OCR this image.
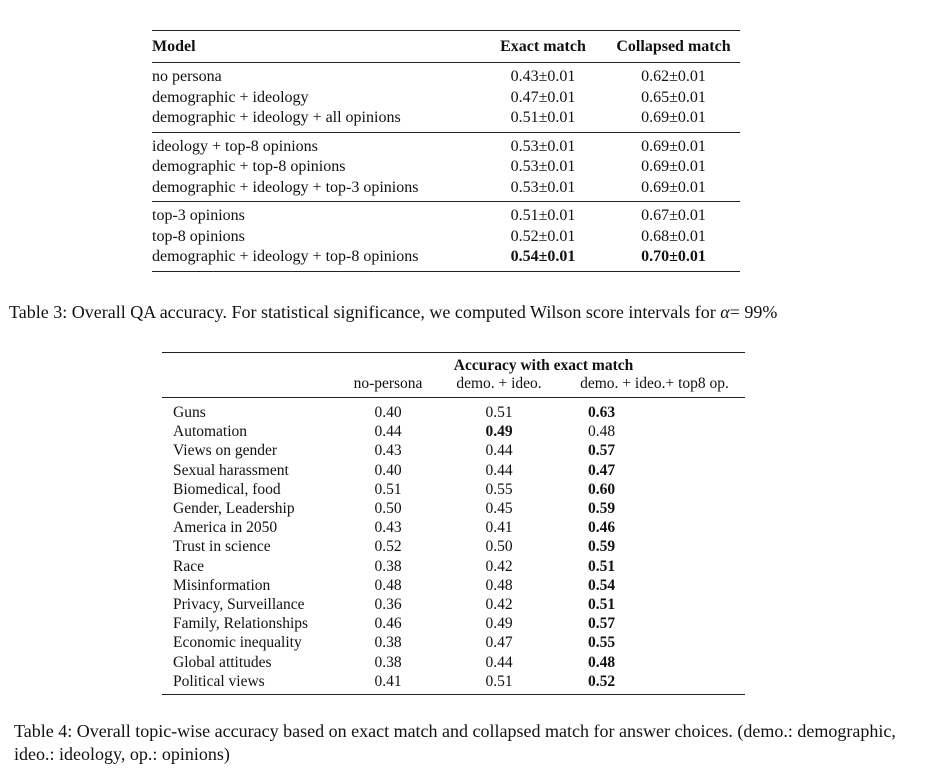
Model	Exact match	Collapsed match
no persona	0.43±0.01	0.62±0.01
demographic + ideology	0.47±0.01	0.65±0.01
demographic + ideology + all opinions	0.51±0.01	0.69±0.01
ideology + top-8 opinions	0.53±0.01	0.69±0.01
demographic + top-8 opinions	0.53±0.01	0.69±0.01
demographic + ideology + top-3 opinions	0.53±0.01	0.69±0.01
top-3 opinions	0.51±0.01	0.67±0.01
top-8 opinions	0.52±0.01	0.68±0.01
demographic + ideology + top-8 opinions	0.54±0.01	0.70±0.01
Table 3: Overall QA accuracy. For statistical significance, we computed Wilson score intervals for α= 99%
	Accuracy with exact match		
	no-persona	demo. + ideo.	demo. + ideo.+ top8 op.
Guns	0.40	0.51	0.63
Automation	0.44	0.49	0.48
Views on gender	0.43	0.44	0.57
Sexual harassment	0.40	0.44	0.47
Biomedical, food	0.51	0.55	0.60
Gender, Leadership	0.50	0.45	0.59
America in 2050	0.43	0.41	0.46
Trust in science	0.52	0.50	0.59
Race	0.38	0.42	0.51
Misinformation	0.48	0.48	0.54
Privacy, Surveillance	0.36	0.42	0.51
Family, Relationships	0.46	0.49	0.57
Economic inequality	0.38	0.47	0.55
Global attitudes	0.38	0.44	0.48
Political views	0.41	0.51	0.52
Table 4: Overall topic-wise accuracy based on exact match and collapsed match for answer choices. (demo.: demographic, ideo.: ideology, op.: opinions)
